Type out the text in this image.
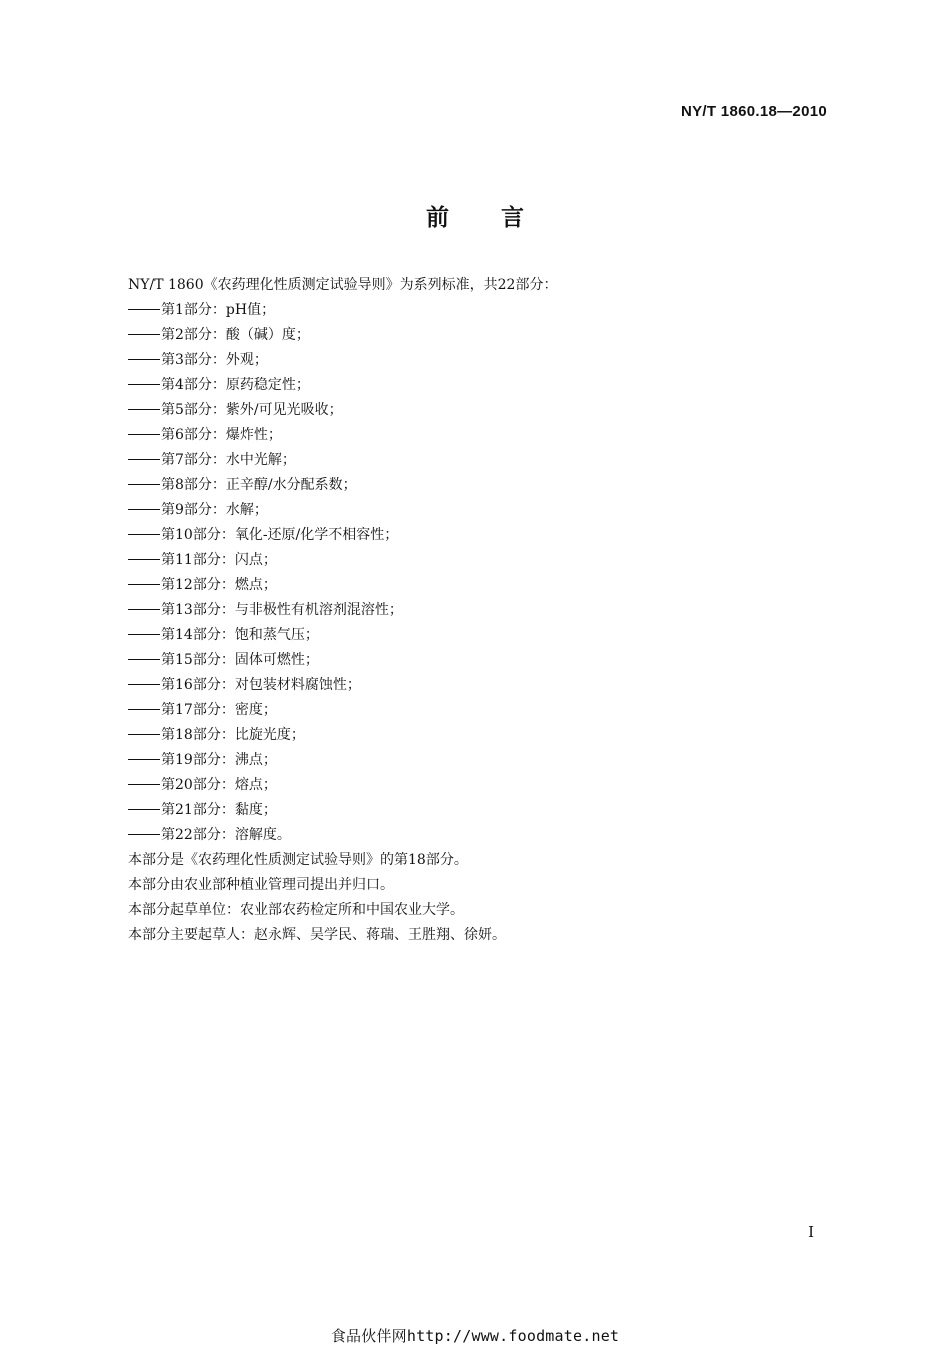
NY/T 1860.18—2010
前言
NY/T 1860《农药理化性质测定试验导则》为系列标准，共22部分：
第1部分：pH值；
第2部分：酸（碱）度；
第3部分：外观；
第4部分：原药稳定性；
第5部分：紫外/可见光吸收；
第6部分：爆炸性；
第7部分：水中光解；
第8部分：正辛醇/水分配系数；
第9部分：水解；
第10部分：氧化-还原/化学不相容性；
第11部分：闪点；
第12部分：燃点；
第13部分：与非极性有机溶剂混溶性；
第14部分：饱和蒸气压；
第15部分：固体可燃性；
第16部分：对包装材料腐蚀性；
第17部分：密度；
第18部分：比旋光度；
第19部分：沸点；
第20部分：熔点；
第21部分：黏度；
第22部分：溶解度。
本部分是《农药理化性质测定试验导则》的第18部分。
本部分由农业部种植业管理司提出并归口。
本部分起草单位：农业部农药检定所和中国农业大学。
本部分主要起草人：赵永辉、吴学民、蒋瑞、王胜翔、徐妍。
I
食品伙伴网http://www.foodmate.net
